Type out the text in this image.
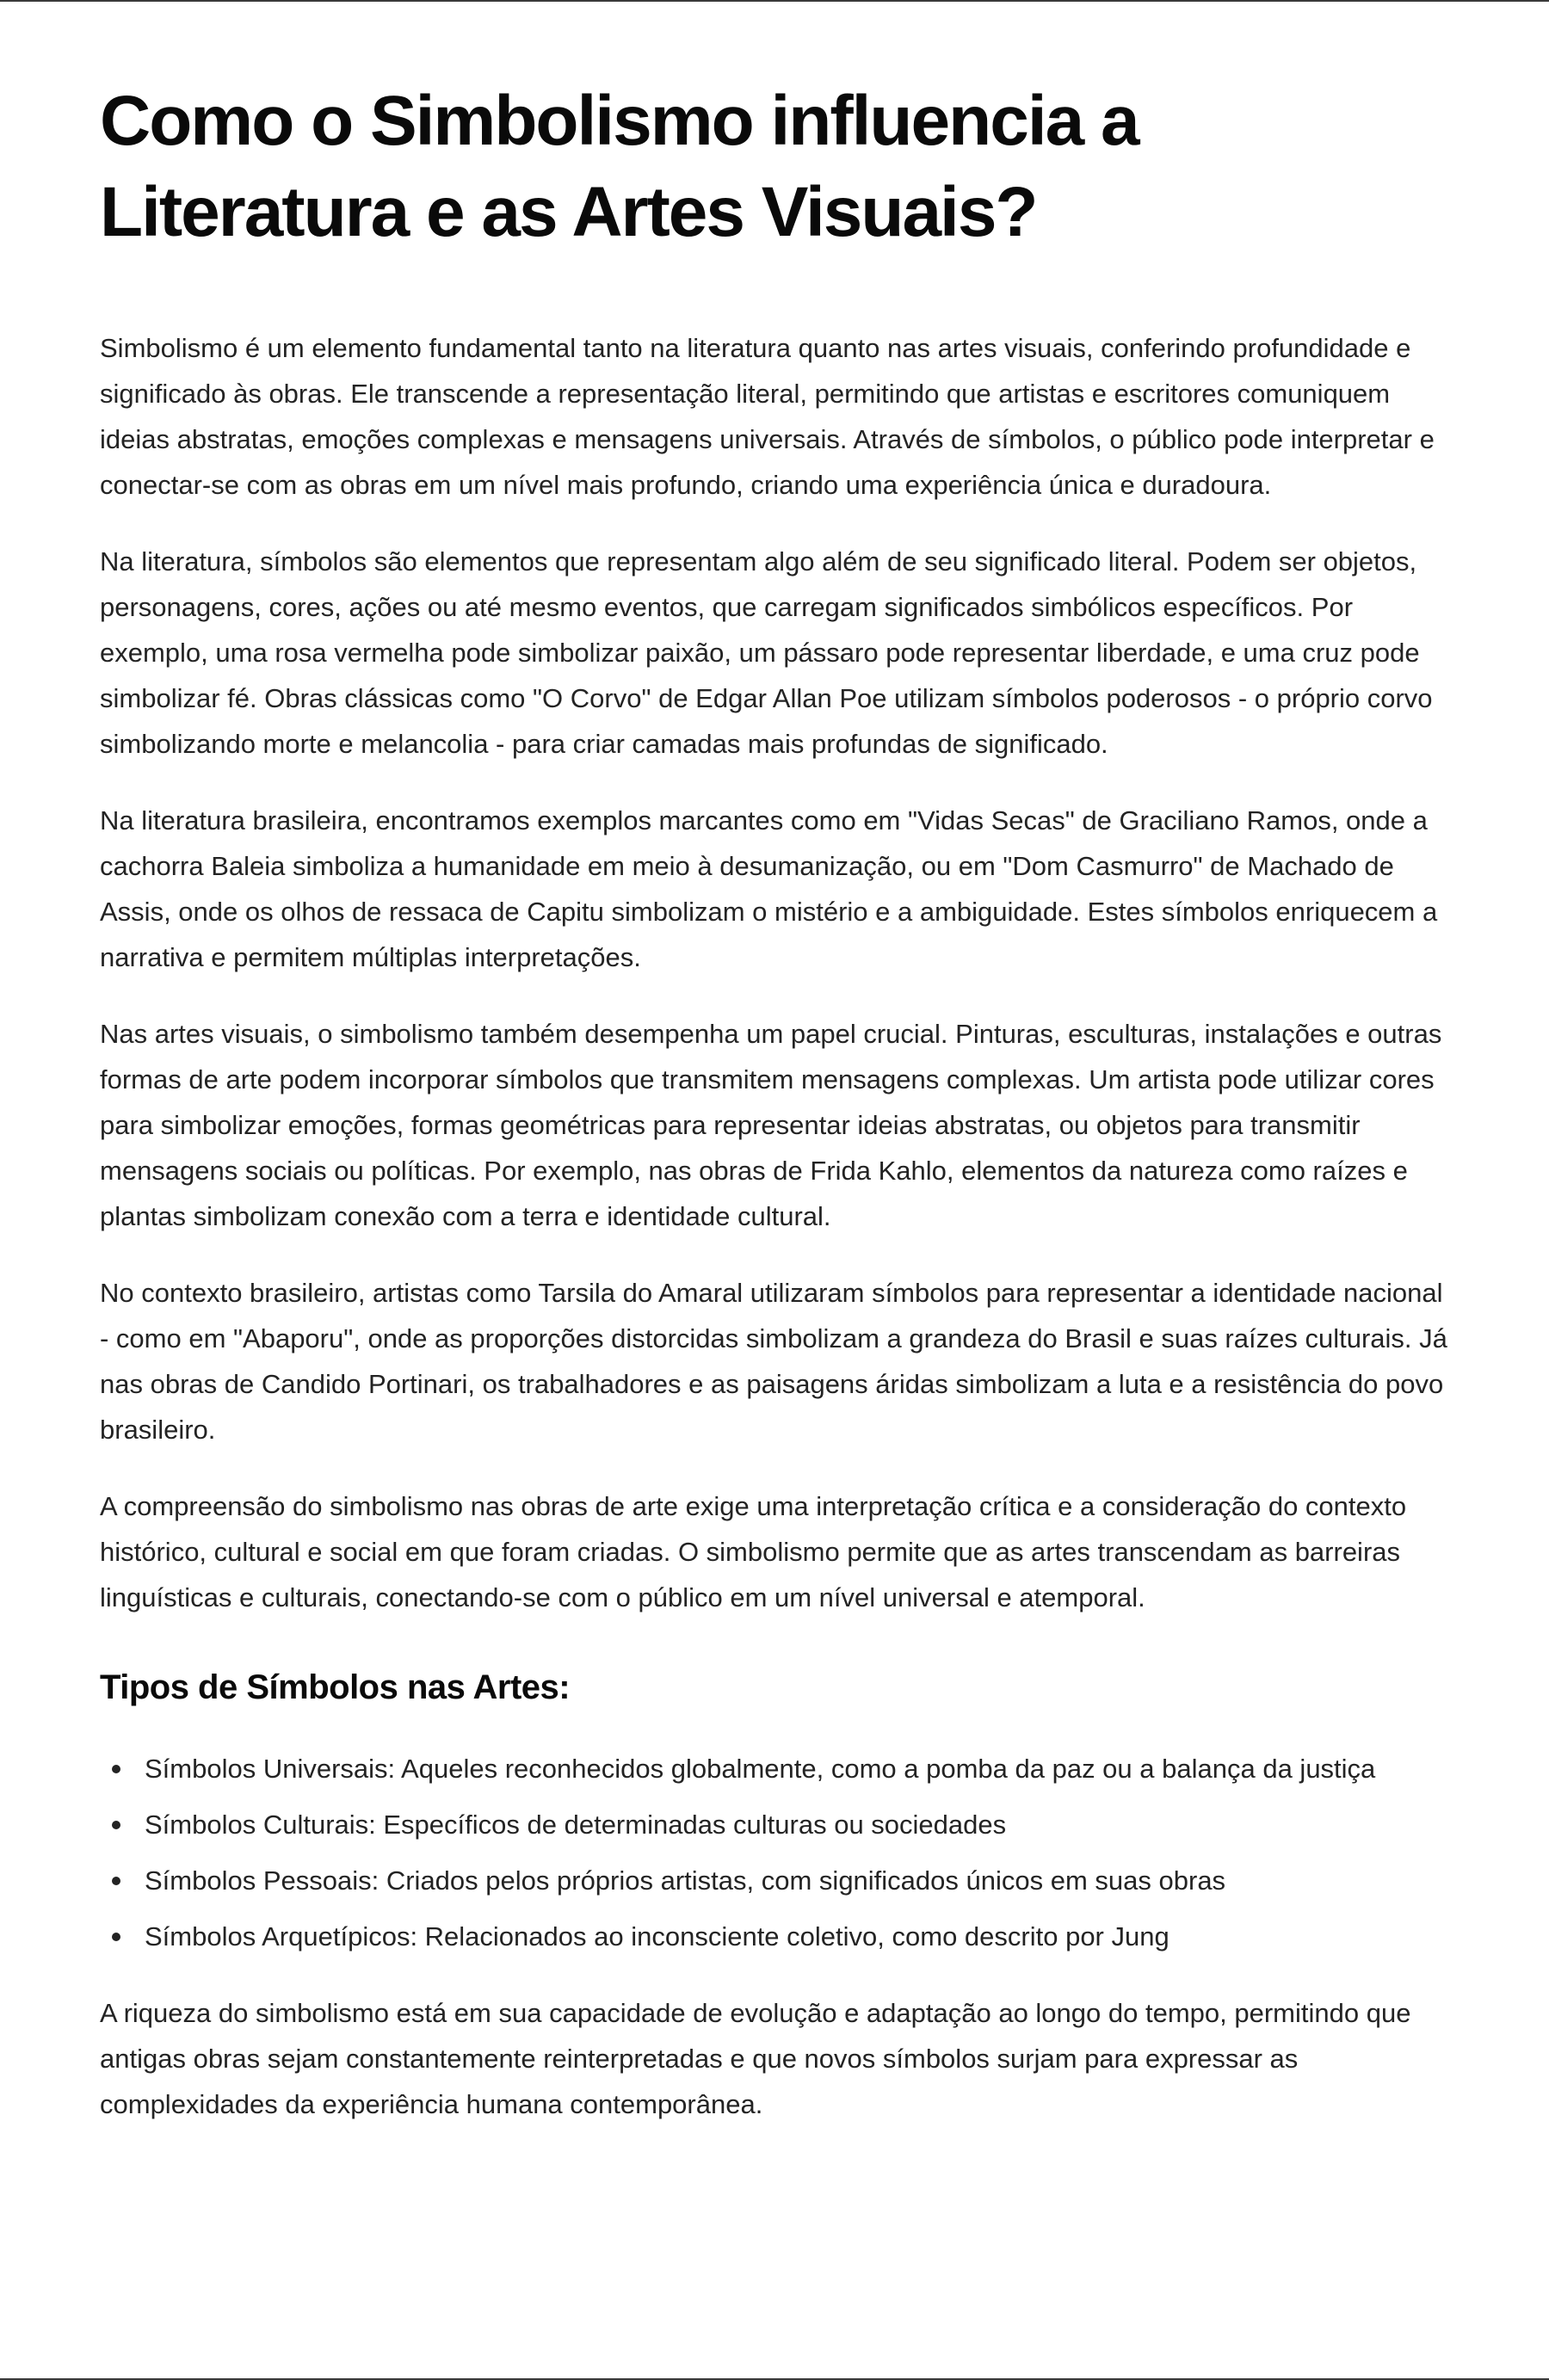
Como o Simbolismo influencia a Literatura e as Artes Visuais?

Simbolismo é um elemento fundamental tanto na literatura quanto nas artes visuais, conferindo profundidade e significado às obras. Ele transcende a representação literal, permitindo que artistas e escritores comuniquem ideias abstratas, emoções complexas e mensagens universais. Através de símbolos, o público pode interpretar e conectar-se com as obras em um nível mais profundo, criando uma experiência única e duradoura.

Na literatura, símbolos são elementos que representam algo além de seu significado literal. Podem ser objetos, personagens, cores, ações ou até mesmo eventos, que carregam significados simbólicos específicos. Por exemplo, uma rosa vermelha pode simbolizar paixão, um pássaro pode representar liberdade, e uma cruz pode simbolizar fé. Obras clássicas como "O Corvo" de Edgar Allan Poe utilizam símbolos poderosos - o próprio corvo simbolizando morte e melancolia - para criar camadas mais profundas de significado.

Na literatura brasileira, encontramos exemplos marcantes como em "Vidas Secas" de Graciliano Ramos, onde a cachorra Baleia simboliza a humanidade em meio à desumanização, ou em "Dom Casmurro" de Machado de Assis, onde os olhos de ressaca de Capitu simbolizam o mistério e a ambiguidade. Estes símbolos enriquecem a narrativa e permitem múltiplas interpretações.

Nas artes visuais, o simbolismo também desempenha um papel crucial. Pinturas, esculturas, instalações e outras formas de arte podem incorporar símbolos que transmitem mensagens complexas. Um artista pode utilizar cores para simbolizar emoções, formas geométricas para representar ideias abstratas, ou objetos para transmitir mensagens sociais ou políticas. Por exemplo, nas obras de Frida Kahlo, elementos da natureza como raízes e plantas simbolizam conexão com a terra e identidade cultural.

No contexto brasileiro, artistas como Tarsila do Amaral utilizaram símbolos para representar a identidade nacional - como em "Abaporu", onde as proporções distorcidas simbolizam a grandeza do Brasil e suas raízes culturais. Já nas obras de Candido Portinari, os trabalhadores e as paisagens áridas simbolizam a luta e a resistência do povo brasileiro.

A compreensão do simbolismo nas obras de arte exige uma interpretação crítica e a consideração do contexto histórico, cultural e social em que foram criadas. O simbolismo permite que as artes transcendam as barreiras linguísticas e culturais, conectando-se com o público em um nível universal e atemporal.

Tipos de Símbolos nas Artes:
Símbolos Universais: Aqueles reconhecidos globalmente, como a pomba da paz ou a balança da justiça
Símbolos Culturais: Específicos de determinadas culturas ou sociedades
Símbolos Pessoais: Criados pelos próprios artistas, com significados únicos em suas obras
Símbolos Arquetípicos: Relacionados ao inconsciente coletivo, como descrito por Jung

A riqueza do simbolismo está em sua capacidade de evolução e adaptação ao longo do tempo, permitindo que antigas obras sejam constantemente reinterpretadas e que novos símbolos surjam para expressar as complexidades da experiência humana contemporânea.
